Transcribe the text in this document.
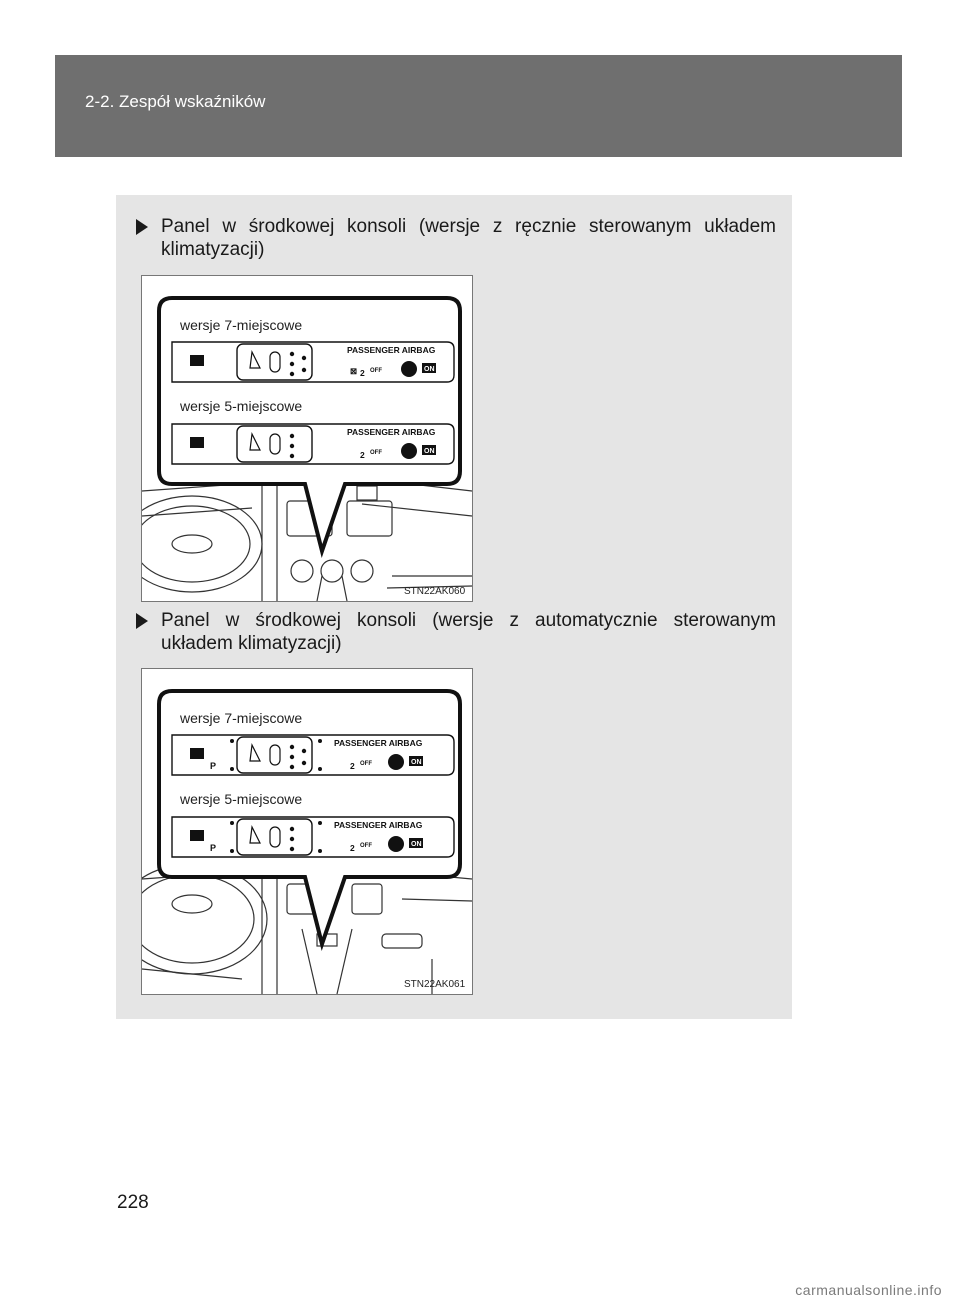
2-2. Zespół wskaźników
Panel w środkowej konsoli (wersje z ręcznie sterowanym układem klimatyzacji)
wersje 7-miejscowe
wersje 5-miejscowe
PASSENGER AIRBAG
⊠ 2 OFF	ON
PASSENGER AIRBAG
2 OFF	ON
STN22AK060
Panel w środkowej konsoli (wersje z automatycznie sterowanym układem klimatyzacji)
wersje 7-miejscowe
wersje 5-miejscowe
P
PASSENGER AIRBAG
2 OFF	ON
P
PASSENGER AIRBAG
2 OFF	ON
STN22AK061
228
carmanualsonline.info
